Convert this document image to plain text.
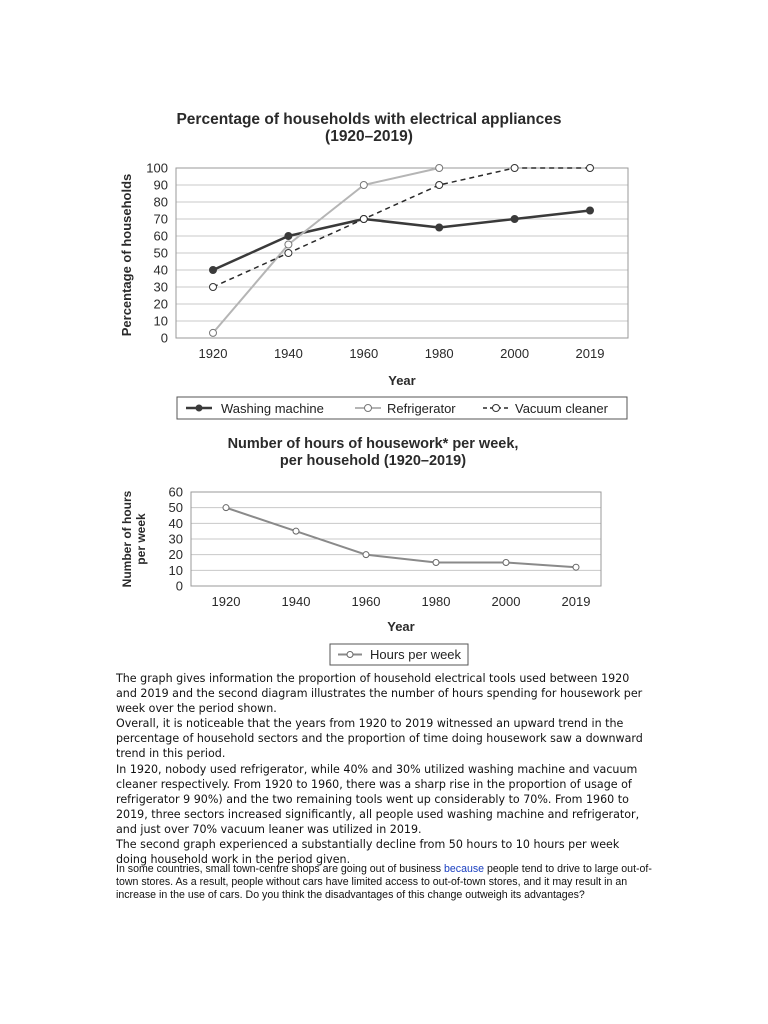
Percentage of households with electrical appliances
(1920–2019)
0
10
20
30
40
50
60
70
80
90
100
1920	1940	1960	1980	2000	2019
Percentage of households
Year
Washing machine	Refrigerator	Vacuum cleaner
Number of hours of housework* per week,
per household (1920–2019)
0
10
20
30
40
50
60
1920	1940	1960	1980	2000	2019
Number of hours per week
Year
Hours per week

The graph gives information the proportion of household electrical tools used between 1920 and 2019 and the second diagram illustrates the number of hours spending for housework per week over the period shown.

Overall, it is noticeable that the years from 1920 to 2019 witnessed an upward trend in the percentage of household sectors and the proportion of time doing housework saw a downward trend in this period.

In 1920, nobody used refrigerator, while 40% and 30% utilized washing machine and vacuum cleaner respectively. From 1920 to 1960, there was a sharp rise in the proportion of usage of refrigerator 9 90%) and the two remaining tools went up considerably to 70%. From 1960 to 2019, three sectors increased significantly, all people used washing machine and refrigerator, and just over 70% vacuum leaner was utilized in 2019.

The second graph experienced a substantially decline from 50 hours to 10 hours per week doing household work in the period given.

In some countries, small town-centre shops are going out of business because people tend to drive to large out-of-town stores. As a result, people without cars have limited access to out-of-town stores, and it may result in an increase in the use of cars. Do you think the disadvantages of this change outweigh its advantages?
